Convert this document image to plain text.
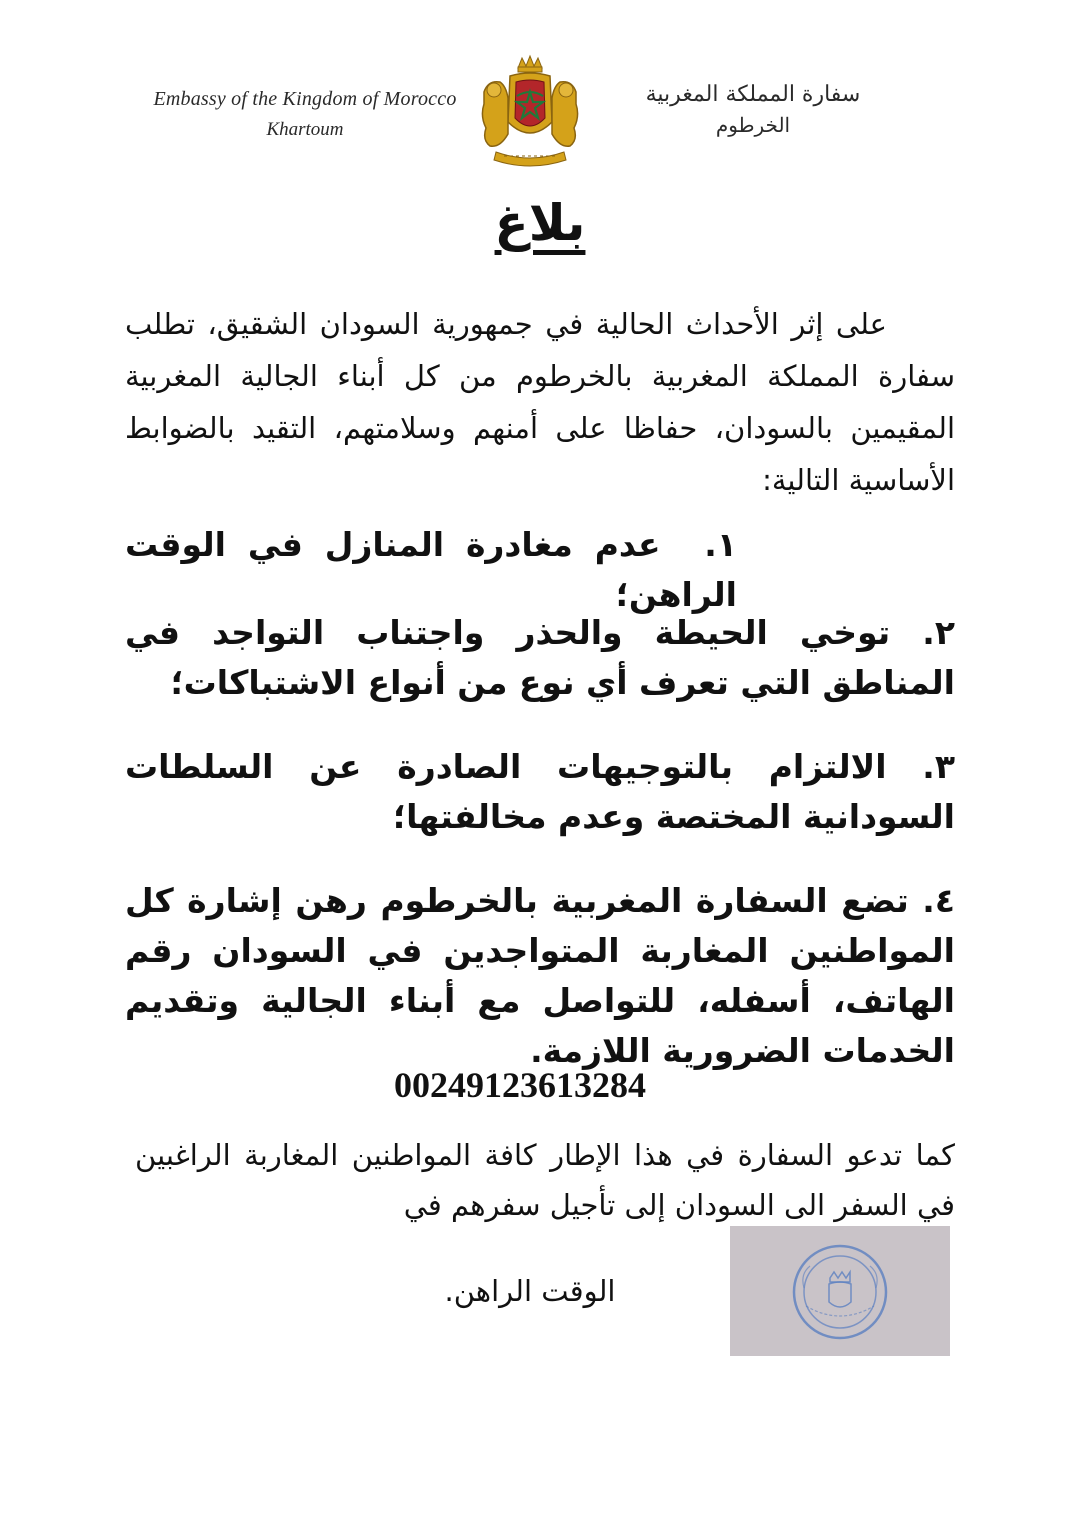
Embassy of the Kingdom of Morocco
Khartoum
سفارة المملكة المغربية
الخرطوم
بلاغ

على إثر الأحداث الحالية في جمهورية السودان الشقيق، تطلب سفارة المملكة المغربية بالخرطوم من كل أبناء الجالية المغربية المقيمين بالسودان، حفاظا على أمنهم وسلامتهم، التقيد بالضوابط الأساسية التالية:

١.  عدم مغادرة المنازل في الوقت الراهن؛

٢. توخي الحيطة والحذر واجتناب التواجد في المناطق التي تعرف أي نوع من أنواع الاشتباكات؛

٣. الالتزام بالتوجيهات الصادرة عن السلطات السودانية المختصة وعدم مخالفتها؛

٤. تضع السفارة المغربية بالخرطوم رهن إشارة كل المواطنين المغاربة المتواجدين في السودان رقم الهاتف، أسفله، للتواصل مع أبناء الجالية وتقديم الخدمات الضرورية اللازمة.

00249123613284

كما تدعو السفارة في هذا الإطار كافة المواطنين المغاربة الراغبين في السفر الى السودان إلى تأجيل سفرهم في

الوقت الراهن.
